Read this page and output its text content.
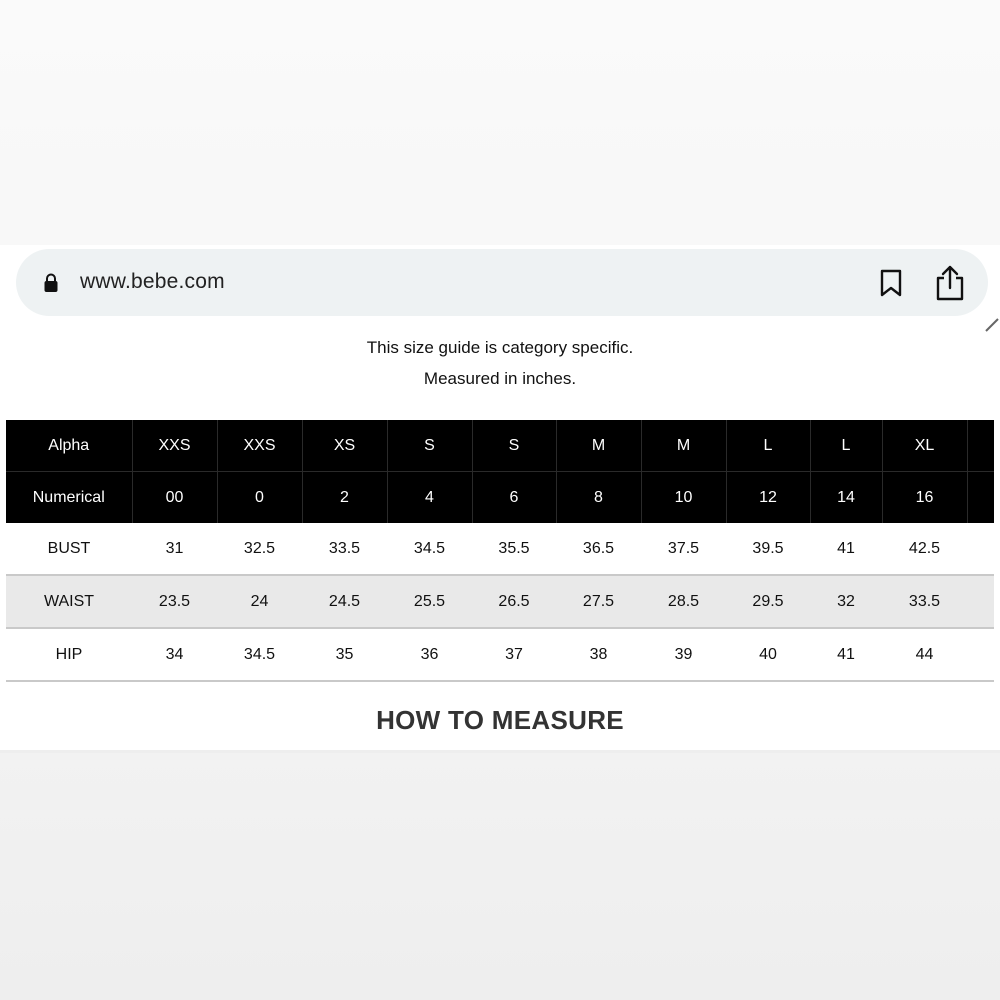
www.bebe.com
This size guide is category specific.
Measured in inches.
Alpha	XXS	XXS	XS	S	S	M	M	L	L	XL	
Numerical	00	0	2	4	6	8	10	12	14	16	
BUST	31	32.5	33.5	34.5	35.5	36.5	37.5	39.5	41	42.5	
WAIST	23.5	24	24.5	25.5	26.5	27.5	28.5	29.5	32	33.5	
HIP	34	34.5	35	36	37	38	39	40	41	44	
HOW TO MEASURE
